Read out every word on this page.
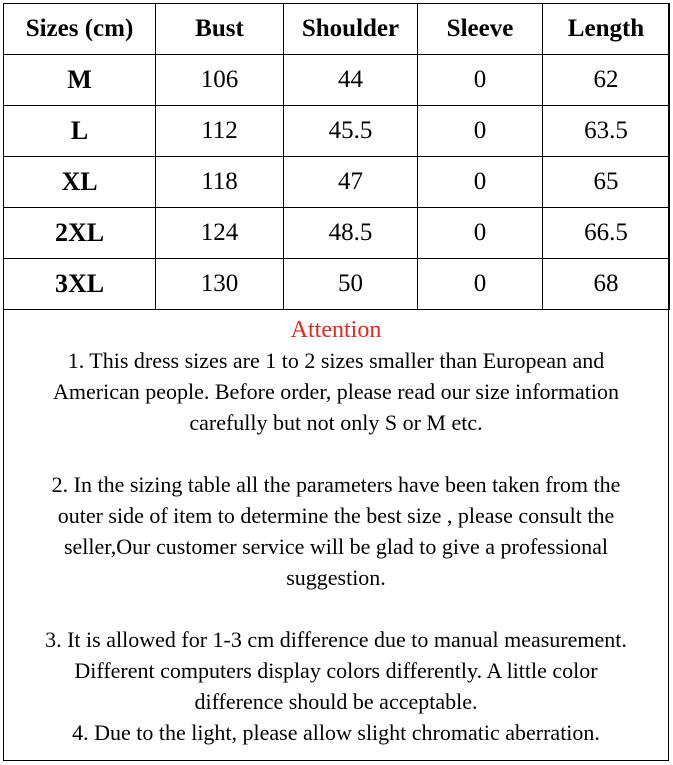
Sizes (cm)	Bust	Shoulder	Sleeve	Length
M	106	44	0	62
L	112	45.5	0	63.5
XL	118	47	0	65
2XL	124	48.5	0	66.5
3XL	130	50	0	68
Attention

1. This dress sizes are 1 to 2 sizes smaller than European and

American people. Before order, please read our size information

carefully but not only S or M etc.

2. In the sizing table all the parameters have been taken from the

outer side of item to determine the best size , please consult the

seller,Our customer service will be glad to give a professional

suggestion.

3. It is allowed for 1-3 cm difference due to manual measurement.

Different computers display colors differently. A little color

difference should be acceptable.

4. Due to the light, please allow slight chromatic aberration.
